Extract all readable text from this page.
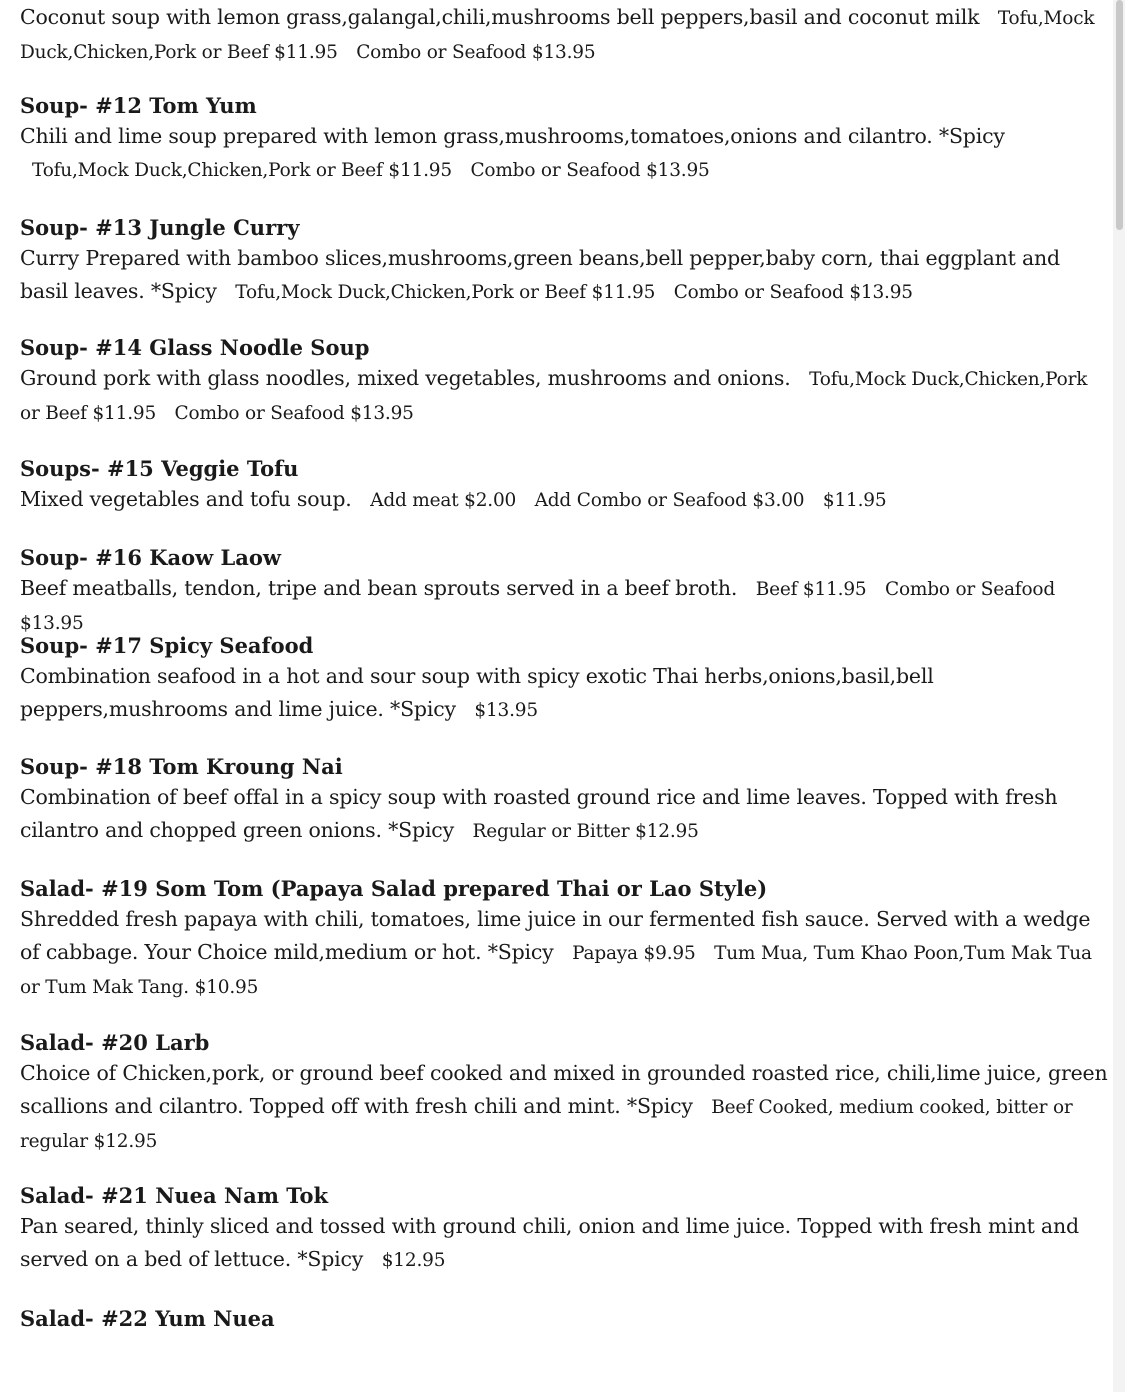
Coconut soup with lemon grass,galangal,chili,mushrooms bell peppers,basil and coconut milk Tofu,Mock Duck,Chicken,Pork or Beef $11.95 Combo or Seafood $13.95

Soup- #12 Tom Yum

Chili and lime soup prepared with lemon grass,mushrooms,tomatoes,onions and cilantro. *Spicy Tofu,Mock Duck,Chicken,Pork or Beef $11.95 Combo or Seafood $13.95

Soup- #13 Jungle Curry

Curry Prepared with bamboo slices,mushrooms,green beans,bell pepper,baby corn, thai eggplant and basil leaves. *Spicy Tofu,Mock Duck,Chicken,Pork or Beef $11.95 Combo or Seafood $13.95

Soup- #14 Glass Noodle Soup

Ground pork with glass noodles, mixed vegetables, mushrooms and onions. Tofu,Mock Duck,Chicken,Pork or Beef $11.95 Combo or Seafood $13.95

Soups- #15 Veggie Tofu

Mixed vegetables and tofu soup. Add meat $2.00 Add Combo or Seafood $3.00 $11.95

Soup- #16 Kaow Laow

Beef meatballs, tendon, tripe and bean sprouts served in a beef broth. Beef $11.95 Combo or Seafood $13.95

Soup- #17 Spicy Seafood

Combination seafood in a hot and sour soup with spicy exotic Thai herbs,onions,basil,bell peppers,mushrooms and lime juice. *Spicy $13.95

Soup- #18 Tom Kroung Nai

Combination of beef offal in a spicy soup with roasted ground rice and lime leaves. Topped with fresh cilantro and chopped green onions. *Spicy Regular or Bitter $12.95

Salad- #19 Som Tom (Papaya Salad prepared Thai or Lao Style)

Shredded fresh papaya with chili, tomatoes, lime juice in our fermented fish sauce. Served with a wedge of cabbage. Your Choice mild,medium or hot. *Spicy Papaya $9.95 Tum Mua, Tum Khao Poon,Tum Mak Tua or Tum Mak Tang. $10.95

Salad- #20 Larb

Choice of Chicken,pork, or ground beef cooked and mixed in grounded roasted rice, chili,lime juice, green scallions and cilantro. Topped off with fresh chili and mint. *Spicy Beef Cooked, medium cooked, bitter or regular $12.95

Salad- #21 Nuea Nam Tok

Pan seared, thinly sliced and tossed with ground chili, onion and lime juice. Topped with fresh mint and served on a bed of lettuce. *Spicy $12.95

Salad- #22 Yum Nuea
